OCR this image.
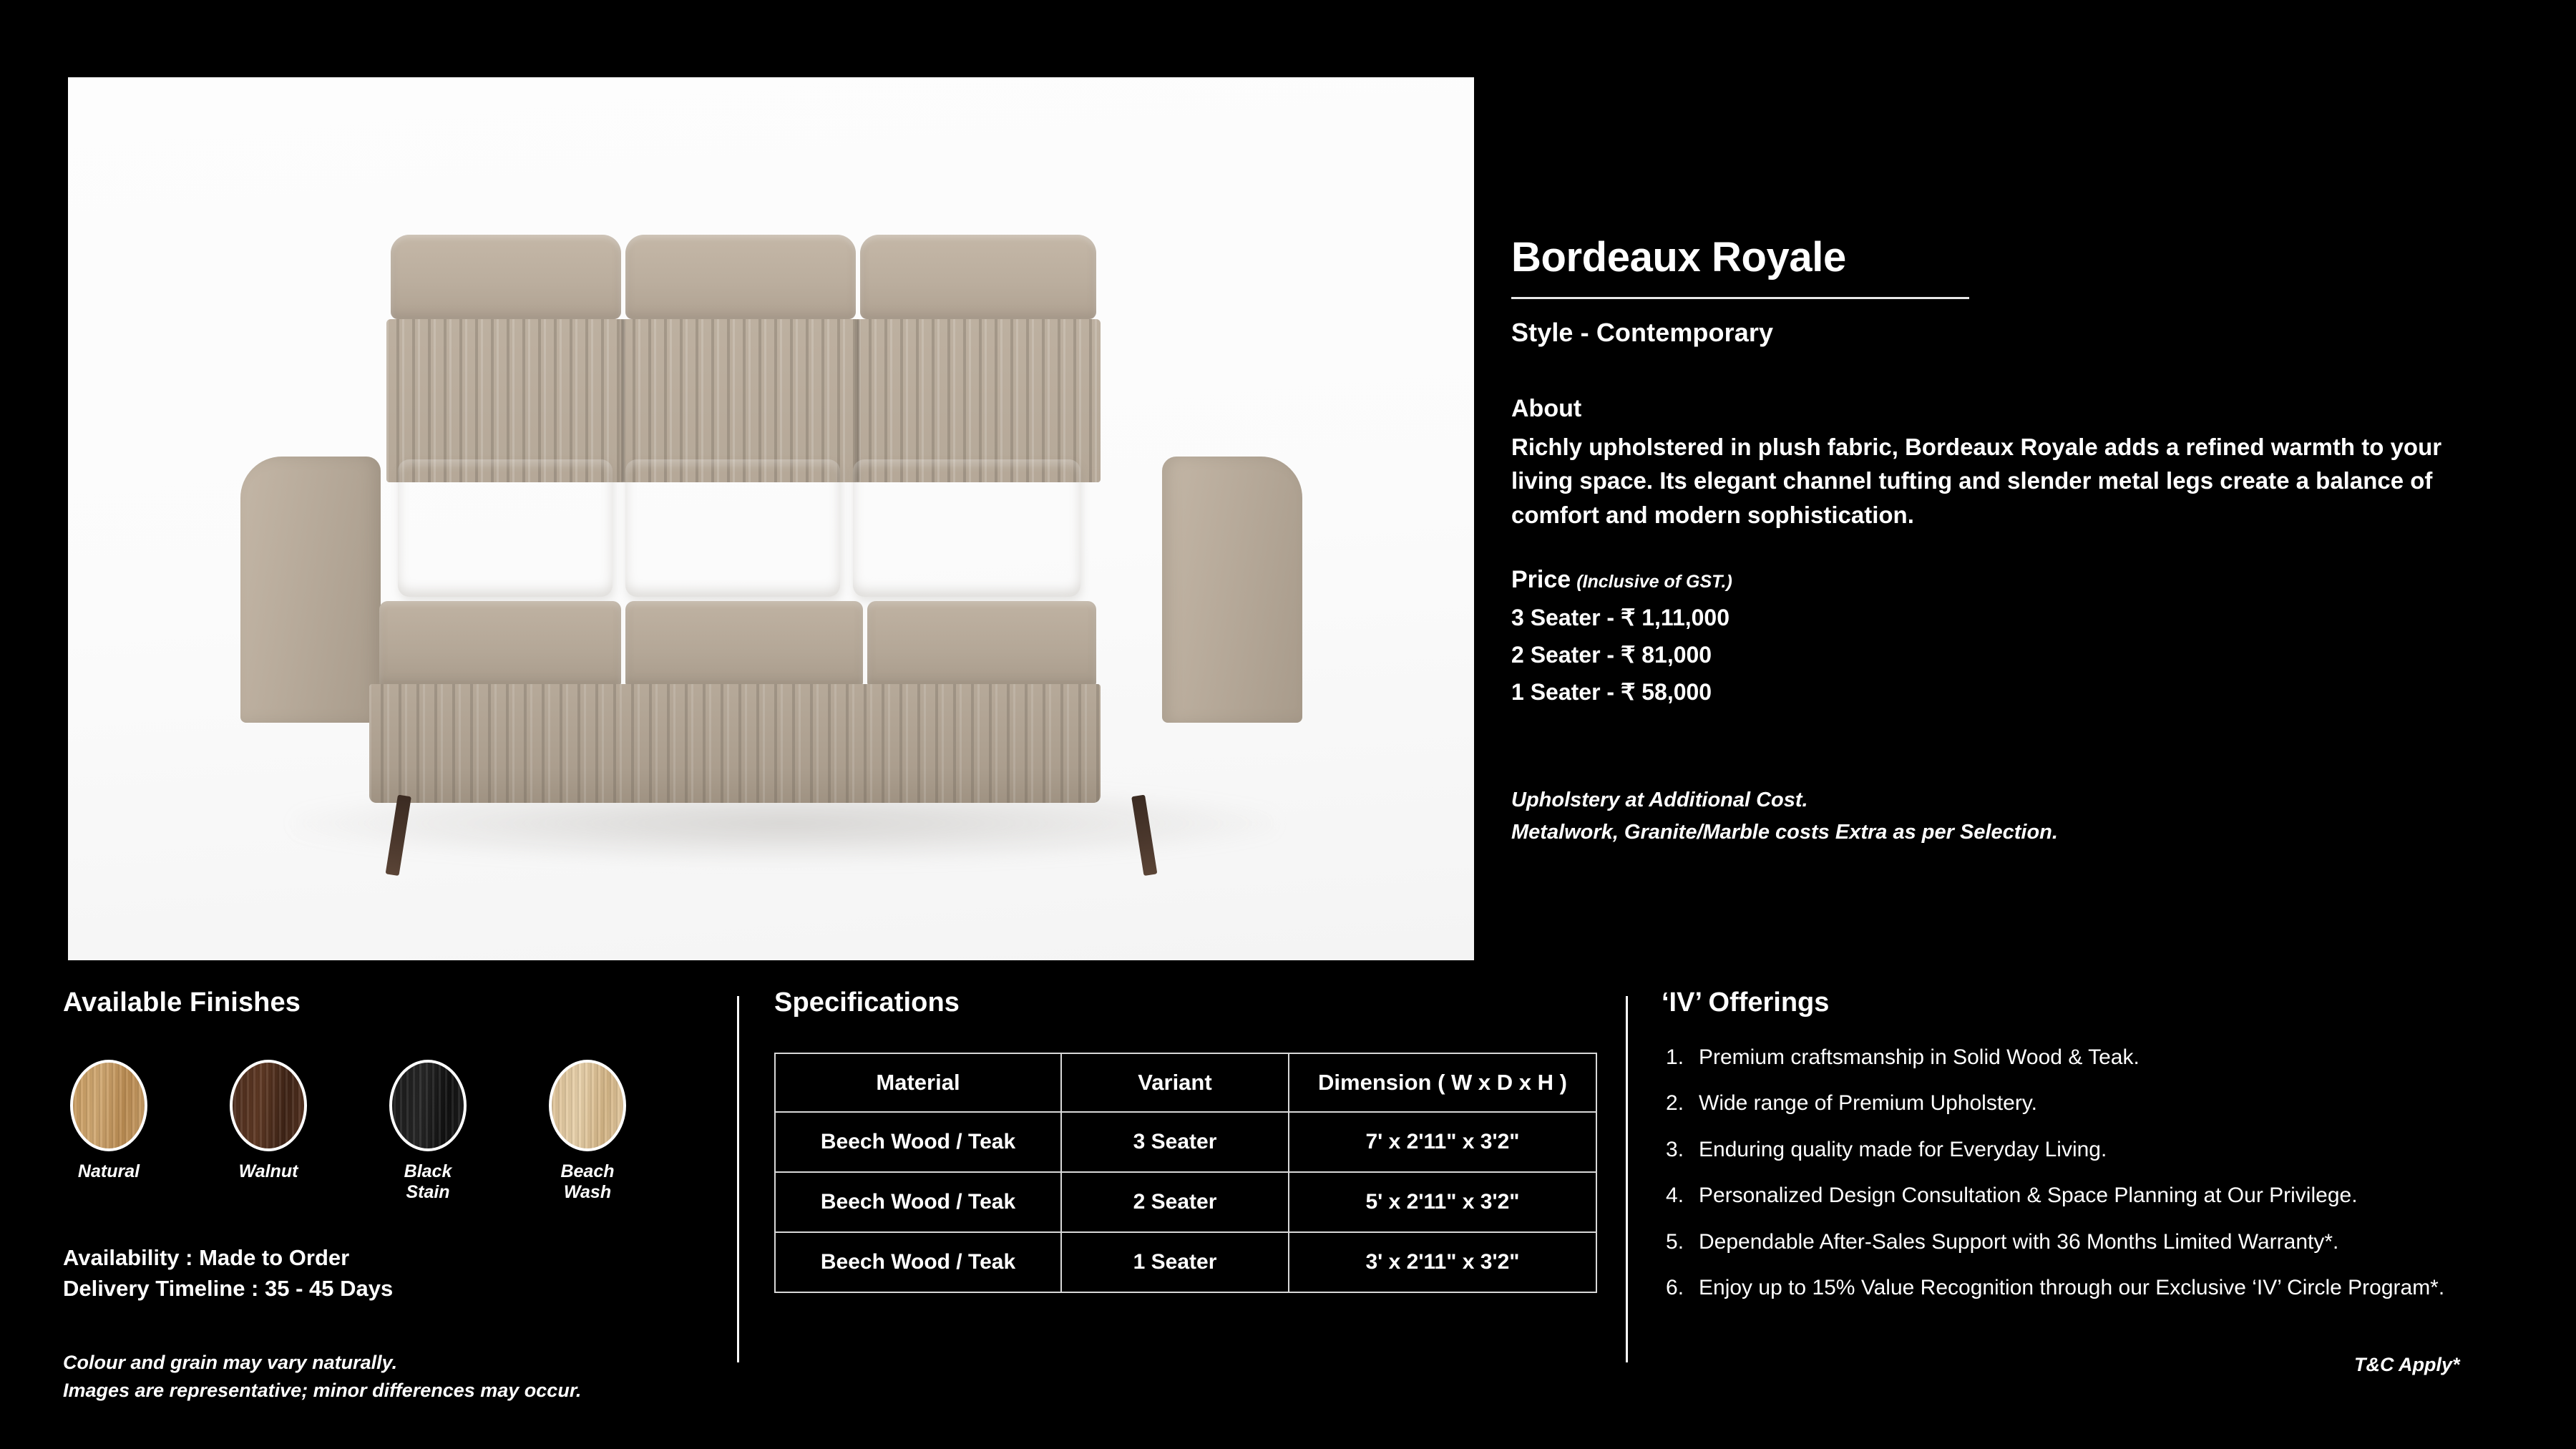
Bordeaux Royale
Style - Contemporary
About
Richly upholstered in plush fabric, Bordeaux Royale adds a refined warmth to your living space. Its elegant channel tufting and slender metal legs create a balance of comfort and modern sophistication.
Price (Inclusive of GST.)
3 Seater - ₹ 1,11,000
2 Seater - ₹ 81,000
1 Seater - ₹ 58,000
Upholstery at Additional Cost.
Metalwork, Granite/Marble costs Extra as per Selection.
Available Finishes
Natural	Walnut	Black Stain
Beach Wash
Availability : Made to Order
Delivery Timeline : 35 - 45 Days
Colour and grain may vary naturally.
Images are representative; minor differences may occur.
Specifications
Material	Variant	Dimension ( W x D x H )
Beech Wood / Teak	3 Seater	7' x 2'11" x 3'2"
Beech Wood / Teak	2 Seater	5' x 2'11" x 3'2"
Beech Wood / Teak	1 Seater	3' x 2'11" x 3'2"
‘IV’ Offerings
Premium craftsmanship in Solid Wood & Teak.
Wide range of Premium Upholstery.
Enduring quality made for Everyday Living.
Personalized Design Consultation & Space Planning at Our Privilege.
Dependable After-Sales Support with 36 Months Limited Warranty*.
Enjoy up to 15% Value Recognition through our Exclusive ‘IV’ Circle Program*.
T&C Apply*
